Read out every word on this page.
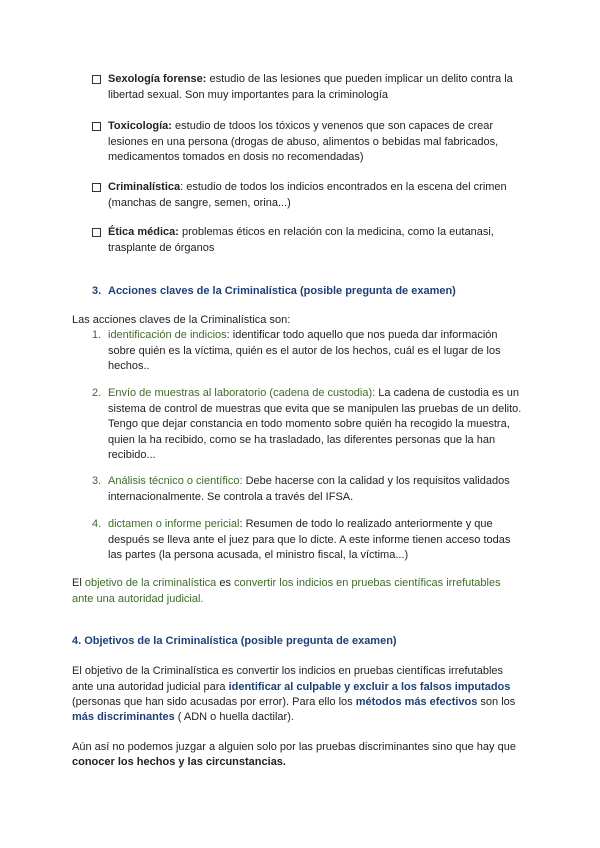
Sexología forense: estudio de las lesiones que pueden implicar un delito contra la
libertad sexual. Son muy importantes para la criminología
Toxicología: estudio de tdoos los tóxicos y venenos que son capaces de crear
lesiones en una persona (drogas de abuso, alimentos o bebidas mal fabricados,
medicamentos tomados en dosis no recomendadas)
Criminalística: estudio de todos los indicios encontrados en la escena del crimen
(manchas de sangre, semen, orina...)
Ética médica: problemas éticos en relación con la medicina, como la eutanasi,
trasplante de órganos
3. Acciones claves de la Criminalística (posible pregunta de examen)
Las acciones claves de la Criminalística son:
1. identificación de indicios: identificar todo aquello que nos pueda dar información
sobre quién es la víctima, quién es el autor de los hechos, cuál es el lugar de los
hechos..
2. Envío de muestras al laboratorio (cadena de custodia): La cadena de custodia es un
sistema de control de muestras que evita que se manipulen las pruebas de un delito.
Tengo que dejar constancia en todo momento sobre quién ha recogido la muestra,
quien la ha recibido, como se ha trasladado, las diferentes personas que la han
recibido...
3. Análisis técnico o científico: Debe hacerse con la calidad y los requisitos validados
internacionalmente. Se controla a través del IFSA.
4. dictamen o informe pericial: Resumen de todo lo realizado anteriormente y que
después se lleva ante el juez para que lo dicte. A este informe tienen acceso todas
las partes (la persona acusada, el ministro fiscal, la víctima...)
El objetivo de la criminalística es convertir los indicios en pruebas científicas irrefutables
ante una autoridad judicial.
4. Objetivos de la Criminalística (posible pregunta de examen)
El objetivo de la Criminalística es convertir los indicios en pruebas científicas irrefutables
ante una autoridad judicial para identificar al culpable y excluir a los falsos imputados
(personas que han sido acusadas por error). Para ello los métodos más efectivos son los
más discriminantes ( ADN o huella dactilar).
Aún así no podemos juzgar a alguien solo por las pruebas discriminantes sino que hay que
conocer los hechos y las circunstancias.
